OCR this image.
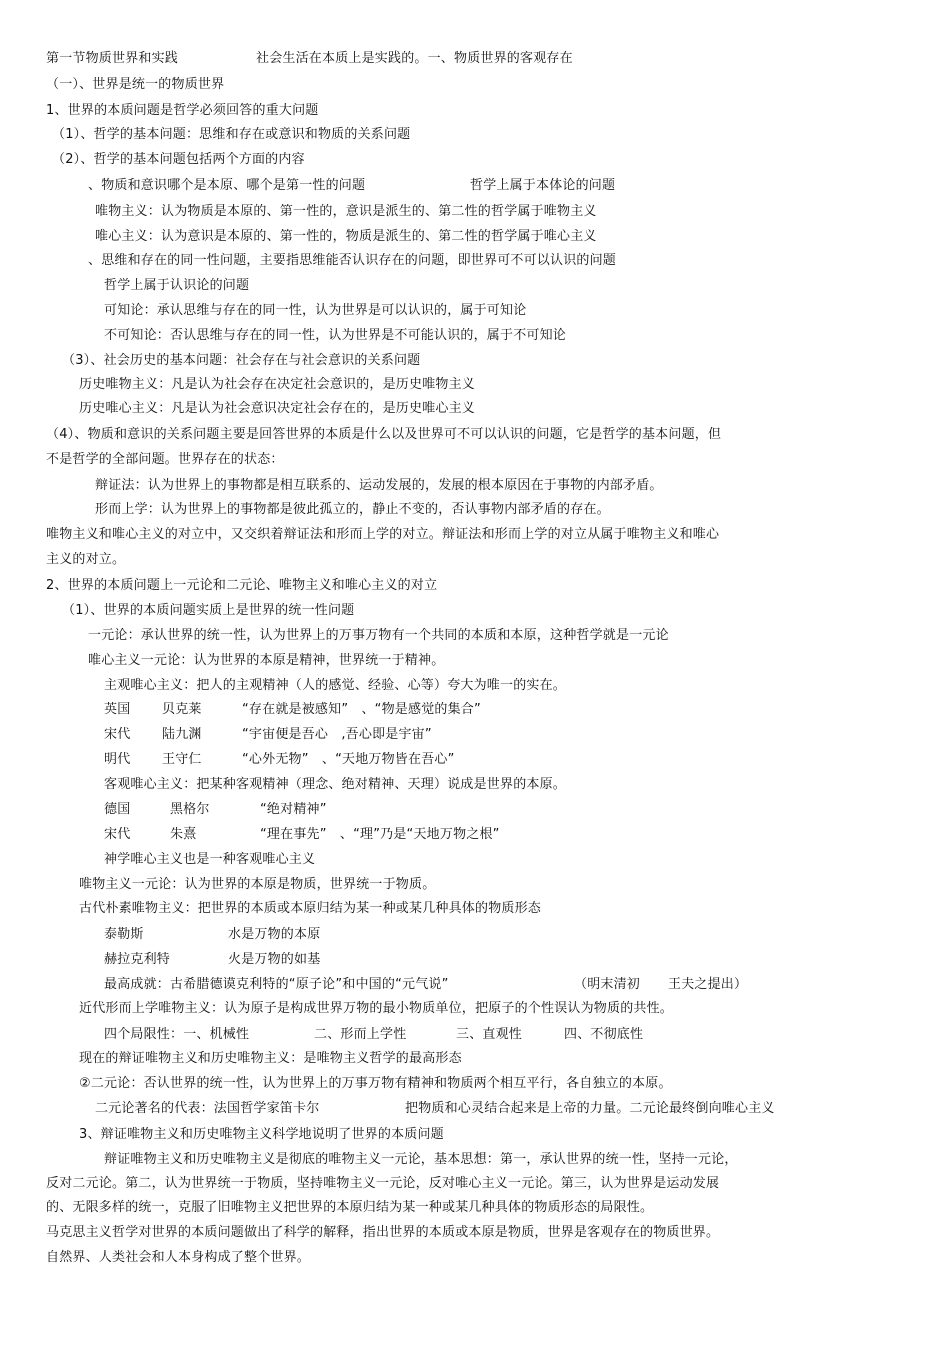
第一节物质世界和实践	社会生活在本质上是实践的。一、物质世界的客观存在
（一）、世界是统一的物质世界
1、世界的本质问题是哲学必须回答的重大问题
（1）、哲学的基本问题：思维和存在或意识和物质的关系问题
（2）、哲学的基本问题包括两个方面的内容
、物质和意识哪个是本原、哪个是第一性的问题	哲学上属于本体论的问题
唯物主义：认为物质是本原的、第一性的，意识是派生的、第二性的哲学属于唯物主义
唯心主义：认为意识是本原的、第一性的，物质是派生的、第二性的哲学属于唯心主义
、思维和存在的同一性问题，主要指思维能否认识存在的问题，即世界可不可以认识的问题
哲学上属于认识论的问题
可知论：承认思维与存在的同一性，认为世界是可以认识的，属于可知论
不可知论：否认思维与存在的同一性，认为世界是不可能认识的，属于不可知论
（3）、社会历史的基本问题：社会存在与社会意识的关系问题
历史唯物主义：凡是认为社会存在决定社会意识的，是历史唯物主义
历史唯心主义：凡是认为社会意识决定社会存在的，是历史唯心主义
（4）、物质和意识的关系问题主要是回答世界的本质是什么以及世界可不可以认识的问题，它是哲学的基本问题，但
不是哲学的全部问题。世界存在的状态：
辩证法：认为世界上的事物都是相互联系的、运动发展的，发展的根本原因在于事物的内部矛盾。
形而上学：认为世界上的事物都是彼此孤立的，静止不变的，否认事物内部矛盾的存在。
唯物主义和唯心主义的对立中，又交织着辩证法和形而上学的对立。辩证法和形而上学的对立从属于唯物主义和唯心
主义的对立。
2、世界的本质问题上一元论和二元论、唯物主义和唯心主义的对立
（1）、世界的本质问题实质上是世界的统一性问题
一元论：承认世界的统一性，认为世界上的万事万物有一个共同的本质和本原，这种哲学就是一元论
唯心主义一元论：认为世界的本原是精神，世界统一于精神。
主观唯心主义：把人的主观精神（人的感觉、经验、心等）夸大为唯一的实在。
英国 贝克莱	“存在就是被感知”　、“物是感觉的集合”
宋代 陆九渊	“宇宙便是吾心　,吾心即是宇宙”
明代 王守仁	“心外无物”　、“天地万物皆在吾心”
客观唯心主义：把某种客观精神（理念、绝对精神、天理）说成是世界的本原。
德国	黑格尔	“绝对精神”
宋代	朱熹	“理在事先”　、“理”乃是“天地万物之根”
神学唯心主义也是一种客观唯心主义
唯物主义一元论：认为世界的本原是物质，世界统一于物质。
古代朴素唯物主义：把世界的本质或本原归结为某一种或某几种具体的物质形态
泰勒斯	水是万物的本原
赫拉克利特	火是万物的如基
最高成就：古希腊德谟克利特的“原子论”和中国的“元气说”	（明末清初 王夫之提出）
近代形而上学唯物主义：认为原子是构成世界万物的最小物质单位，把原子的个性误认为物质的共性。
四个局限性：一、机械性	二、形而上学性	三、直观性	四、不彻底性
现在的辩证唯物主义和历史唯物主义：是唯物主义哲学的最高形态
②二元论：否认世界的统一性，认为世界上的万事万物有精神和物质两个相互平行，各自独立的本原。
二元论著名的代表：法国哲学家笛卡尔	把物质和心灵结合起来是上帝的力量。二元论最终倒向唯心主义
3、辩证唯物主义和历史唯物主义科学地说明了世界的本质问题
辩证唯物主义和历史唯物主义是彻底的唯物主义一元论，基本思想：第一，承认世界的统一性，坚持一元论，
反对二元论。第二，认为世界统一于物质，坚持唯物主义一元论，反对唯心主义一元论。第三，认为世界是运动发展
的、无限多样的统一，克服了旧唯物主义把世界的本原归结为某一种或某几种具体的物质形态的局限性。
马克思主义哲学对世界的本质问题做出了科学的解释，指出世界的本质或本原是物质，世界是客观存在的物质世界。
自然界、人类社会和人本身构成了整个世界。
